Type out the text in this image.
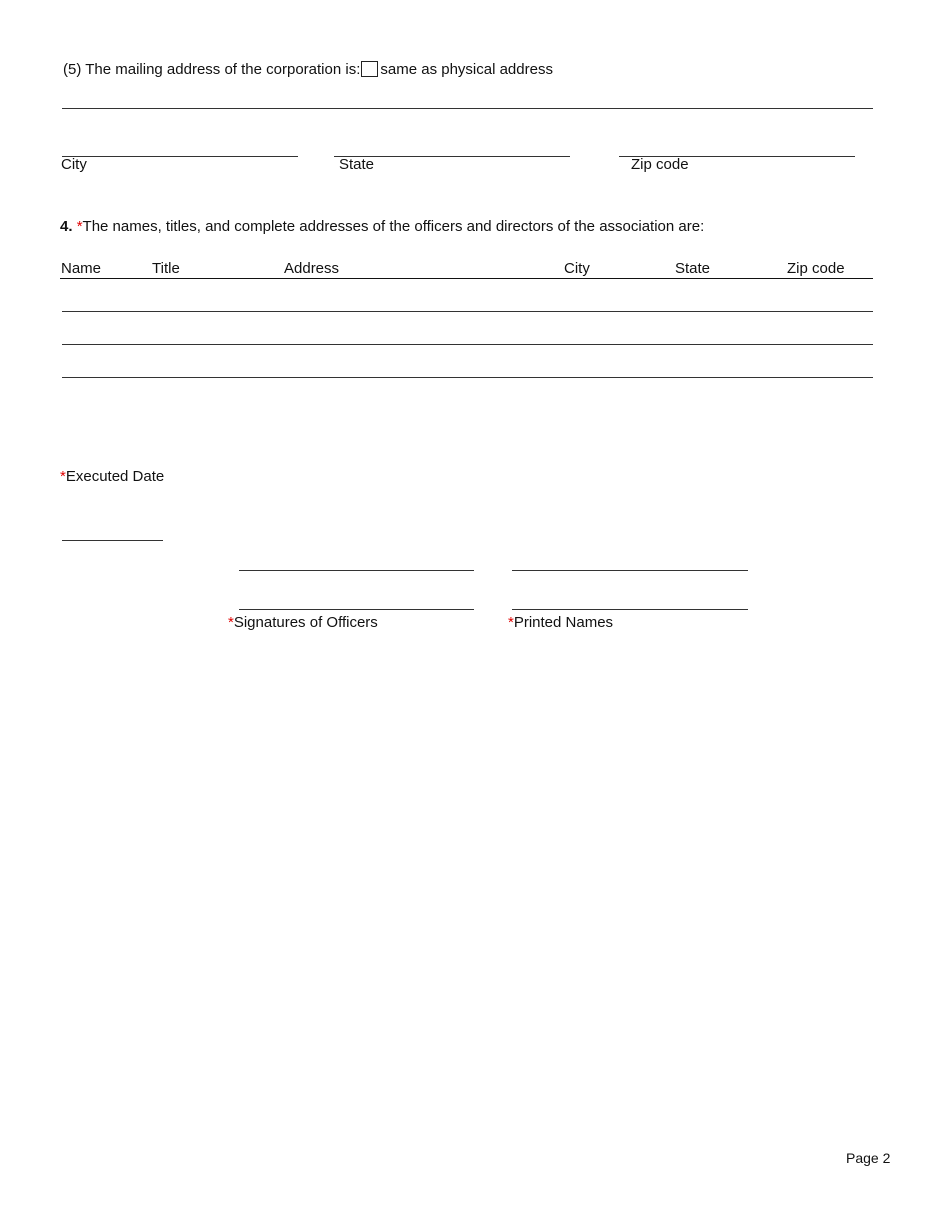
(5) The mailing address of the corporation is: same as physical address
City	State	Zip code
4. *The names, titles, and complete addresses of the officers and directors of the association are:
Name	Title	Address	City	State	Zip code
*Executed Date
*Signatures of Officers	*Printed Names
Page 2
